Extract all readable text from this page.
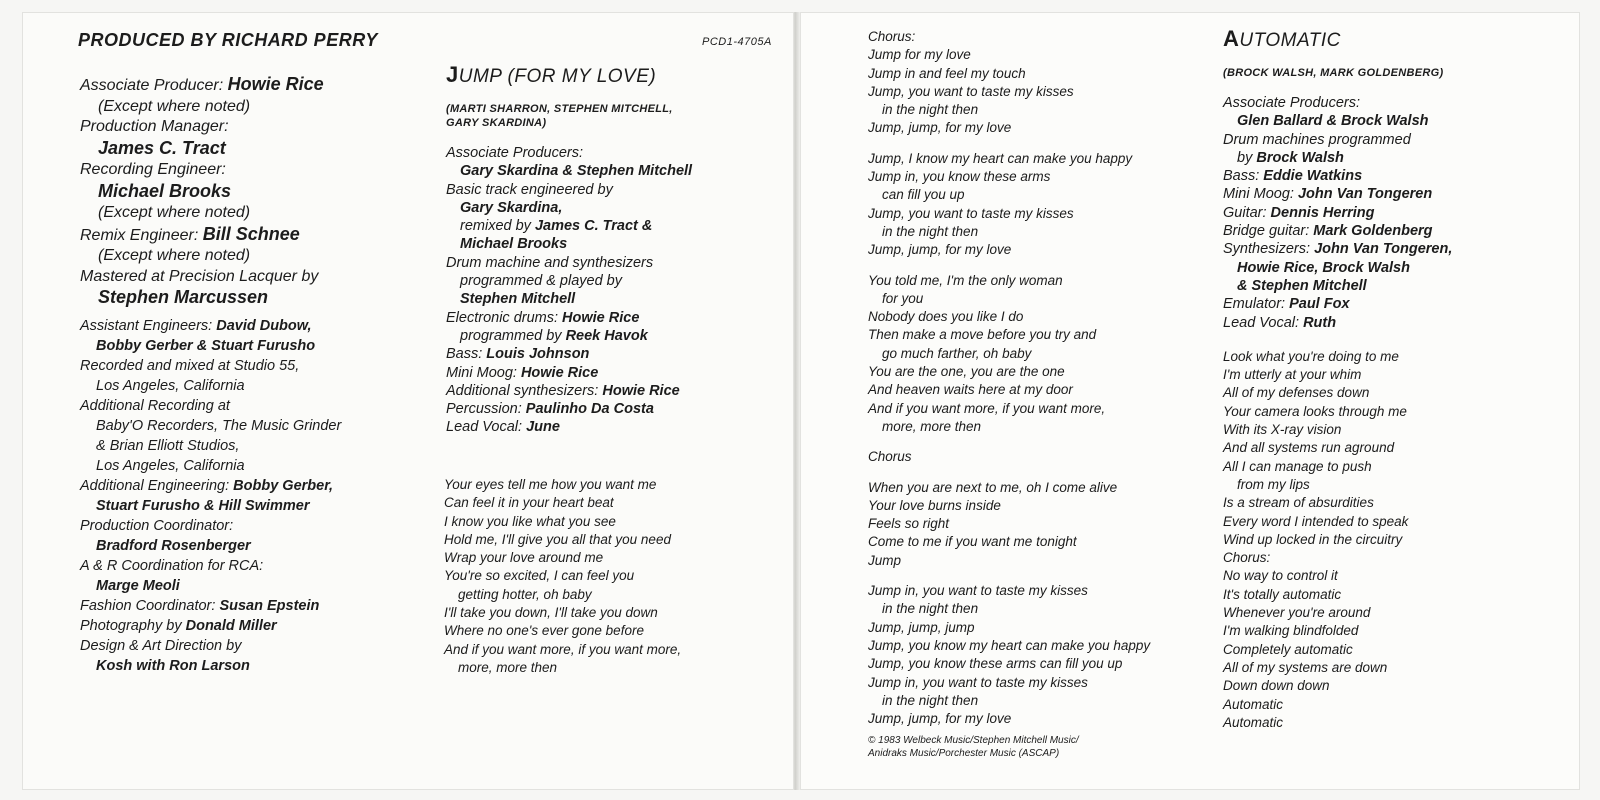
PRODUCED BY RICHARD PERRY	PCD1-4705A
Associate Producer: Howie Rice
(Except where noted)
Production Manager:
James C. Tract
Recording Engineer:
Michael Brooks
(Except where noted)
Remix Engineer: Bill Schnee
(Except where noted)
Mastered at Precision Lacquer by
Stephen Marcussen
Assistant Engineers: David Dubow,
Bobby Gerber & Stuart Furusho
Recorded and mixed at Studio 55,
Los Angeles, California
Additional Recording at
Baby'O Recorders, The Music Grinder
& Brian Elliott Studios,
Los Angeles, California
Additional Engineering: Bobby Gerber,
Stuart Furusho & Hill Swimmer
Production Coordinator:
Bradford Rosenberger
A & R Coordination for RCA:
Marge Meoli
Fashion Coordinator: Susan Epstein
Photography by Donald Miller
Design & Art Direction by
Kosh with Ron Larson
JUMP (FOR MY LOVE)
(MARTI SHARRON, STEPHEN MITCHELL,
GARY SKARDINA)
Associate Producers:
Gary Skardina & Stephen Mitchell
Basic track engineered by
Gary Skardina,
remixed by James C. Tract &
Michael Brooks
Drum machine and synthesizers
programmed & played by
Stephen Mitchell
Electronic drums: Howie Rice
programmed by Reek Havok
Bass: Louis Johnson
Mini Moog: Howie Rice
Additional synthesizers: Howie Rice
Percussion: Paulinho Da Costa
Lead Vocal: June
Your eyes tell me how you want me
Can feel it in your heart beat
I know you like what you see
Hold me, I'll give you all that you need
Wrap your love around me
You're so excited, I can feel you
getting hotter, oh baby
I'll take you down, I'll take you down
Where no one's ever gone before
And if you want more, if you want more,
more, more then
Chorus:
Jump for my love
Jump in and feel my touch
Jump, you want to taste my kisses
in the night then
Jump, jump, for my love
Jump, I know my heart can make you happy
Jump in, you know these arms
can fill you up
Jump, you want to taste my kisses
in the night then
Jump, jump, for my love
You told me, I'm the only woman
for you
Nobody does you like I do
Then make a move before you try and
go much farther, oh baby
You are the one, you are the one
And heaven waits here at my door
And if you want more, if you want more,
more, more then
Chorus
When you are next to me, oh I come alive
Your love burns inside
Feels so right
Come to me if you want me tonight
Jump
Jump in, you want to taste my kisses
in the night then
Jump, jump, jump
Jump, you know my heart can make you happy
Jump, you know these arms can fill you up
Jump in, you want to taste my kisses
in the night then
Jump, jump, for my love
© 1983 Welbeck Music/Stephen Mitchell Music/
Anidraks Music/Porchester Music (ASCAP)
AUTOMATIC
(BROCK WALSH, MARK GOLDENBERG)
Associate Producers:
Glen Ballard & Brock Walsh
Drum machines programmed
by Brock Walsh
Bass: Eddie Watkins
Mini Moog: John Van Tongeren
Guitar: Dennis Herring
Bridge guitar: Mark Goldenberg
Synthesizers: John Van Tongeren,
Howie Rice, Brock Walsh
& Stephen Mitchell
Emulator: Paul Fox
Lead Vocal: Ruth
Look what you're doing to me
I'm utterly at your whim
All of my defenses down
Your camera looks through me
With its X-ray vision
And all systems run aground
All I can manage to push
from my lips
Is a stream of absurdities
Every word I intended to speak
Wind up locked in the circuitry
Chorus:
No way to control it
It's totally automatic
Whenever you're around
I'm walking blindfolded
Completely automatic
All of my systems are down
Down down down
Automatic
Automatic
